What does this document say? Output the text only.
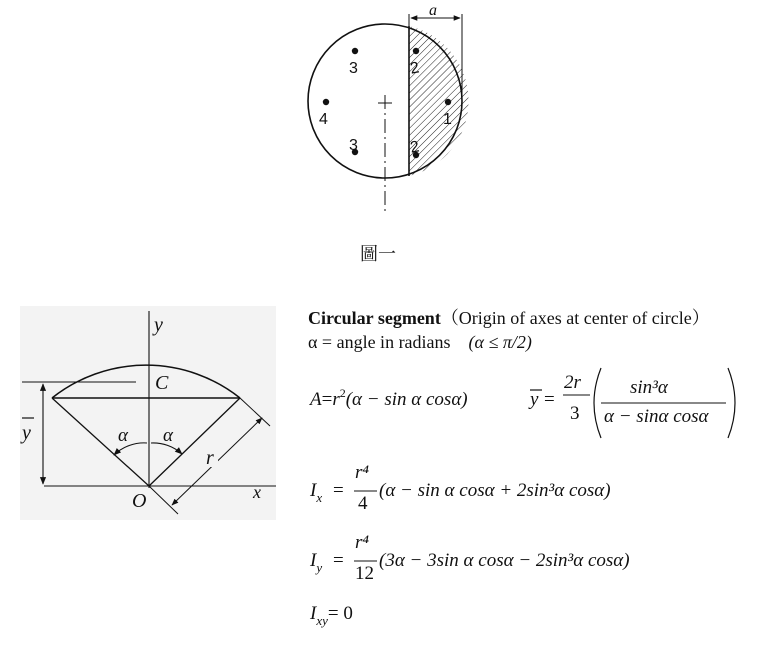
a
3	2
4	1
3	2
y
x
C
y	α α
r
O
圖一
Circular segment（Origin of axes at center of circle）
α = angle in radians (α ≤ π/2)
$A=r^2(\alpha - \sin \alpha$ cosα)	y =
2r
3
sin³α
α − sinα cosα
$I_x$ =
r⁴
4
(α − sin α cosα + 2sin³α cosα)
$I_y$ =
r⁴
12
(3α − 3sin α cosα − 2sin³α cosα)
$I_{xy}= 0$
